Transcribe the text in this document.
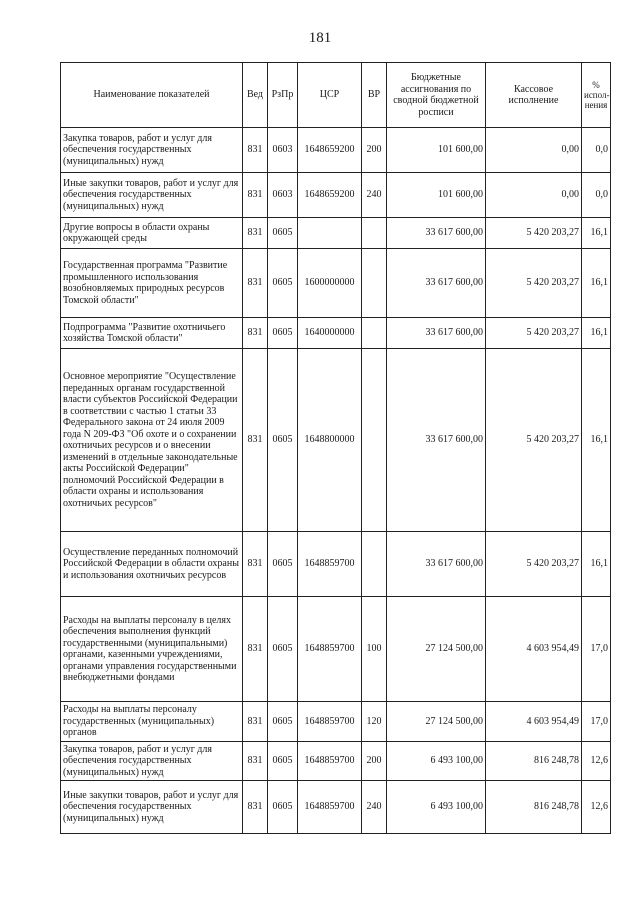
181
Наименование показателей	Вед	РзПр	ЦСР	ВР	Бюджетные ассигнования по сводной бюджетной росписи	Кассовое исполнение	% испол-нения
Закупка товаров, работ и услуг для обеспечения государственных (муниципальных) нужд	831	0603	1648659200	200	101 600,00	0,00	0,0
Иные закупки товаров, работ и услуг для обеспечения государственных (муниципальных) нужд	831	0603	1648659200	240	101 600,00	0,00	0,0
Другие вопросы в области охраны окружающей среды	831	0605			33 617 600,00	5 420 203,27	16,1
Государственная программа "Развитие промышленного использования возобновляемых природных ресурсов Томской области"	831	0605	1600000000		33 617 600,00	5 420 203,27	16,1
Подпрограмма "Развитие охотничьего хозяйства Томской области"	831	0605	1640000000		33 617 600,00	5 420 203,27	16,1
Основное мероприятие "Осуществление переданных органам государственной власти субъектов Российской Федерации в соответствии с частью 1 статьи 33 Федерального закона от 24 июля 2009 года N 209-ФЗ "Об охоте и о сохранении охотничьих ресурсов и о внесении изменений в отдельные законодательные акты Российской Федерации" полномочий Российской Федерации в области охраны и использования охотничьих ресурсов"	831	0605	1648800000		33 617 600,00	5 420 203,27	16,1
Осуществление переданных полномочий Российской Федерации в области охраны и использования охотничьих ресурсов	831	0605	1648859700		33 617 600,00	5 420 203,27	16,1
Расходы на выплаты персоналу в целях обеспечения выполнения функций государственными (муниципальными) органами, казенными учреждениями, органами управления государственными внебюджетными фондами	831	0605	1648859700	100	27 124 500,00	4 603 954,49	17,0
Расходы на выплаты персоналу государственных (муниципальных) органов	831	0605	1648859700	120	27 124 500,00	4 603 954,49	17,0
Закупка товаров, работ и услуг для обеспечения государственных (муниципальных) нужд	831	0605	1648859700	200	6 493 100,00	816 248,78	12,6
Иные закупки товаров, работ и услуг для обеспечения государственных (муниципальных) нужд	831	0605	1648859700	240	6 493 100,00	816 248,78	12,6
